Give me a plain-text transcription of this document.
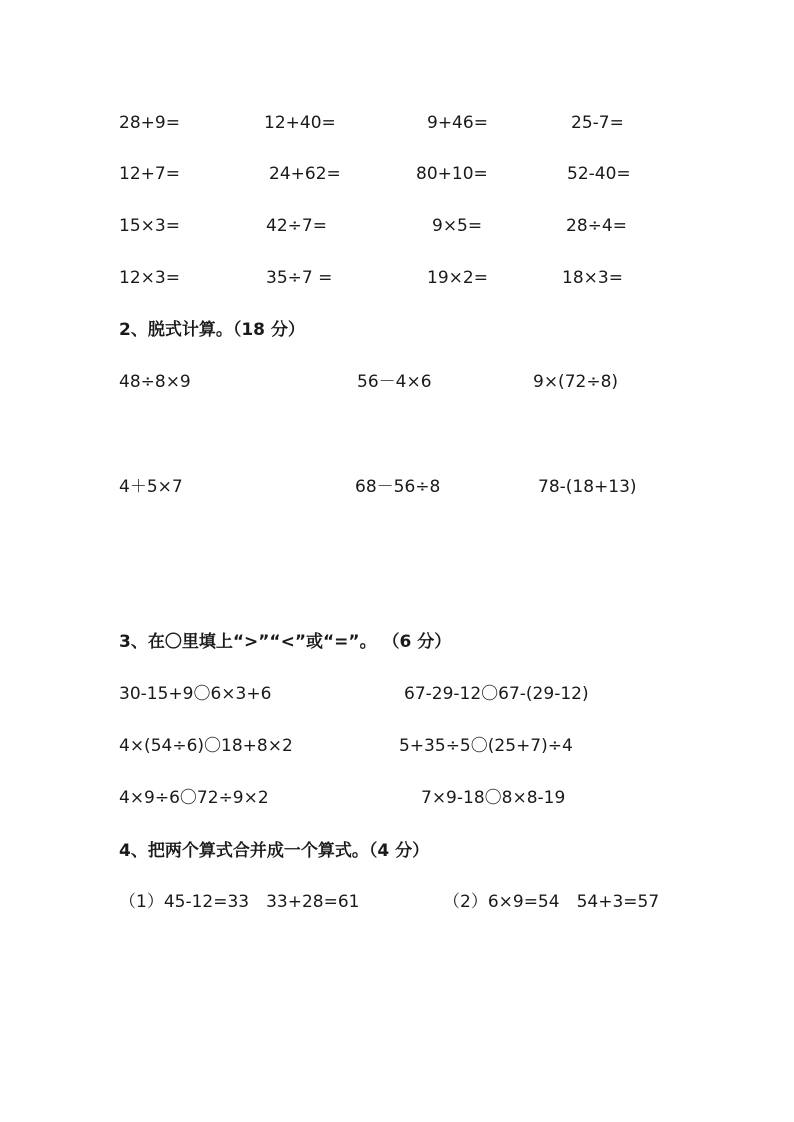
28+9=	12+40=	9+46=	25-7=
12+7=	24+62=	80+10=	52-40=
15×3=	42÷7=	9×5=	28÷4=
12×3=	35÷7 =	19×2=	18×3=
2、脱式计算。（18 分）
48÷8×9	56－4×6	9×(72÷8)
4＋5×7	68－56÷8	78-(18+13)
3、在〇里填上“>”“<”或“=”。 （6 分）
30-15+9〇6×3+6	67-29-12〇67-(29-12)
4×(54÷6)〇18+8×2	5+35÷5〇(25+7)÷4
4×9÷6〇72÷9×2	7×9-18〇8×8-19
4、把两个算式合并成一个算式。（4 分）
（1）45-12=33　33+28=61	（2）6×9=54　54+3=57
